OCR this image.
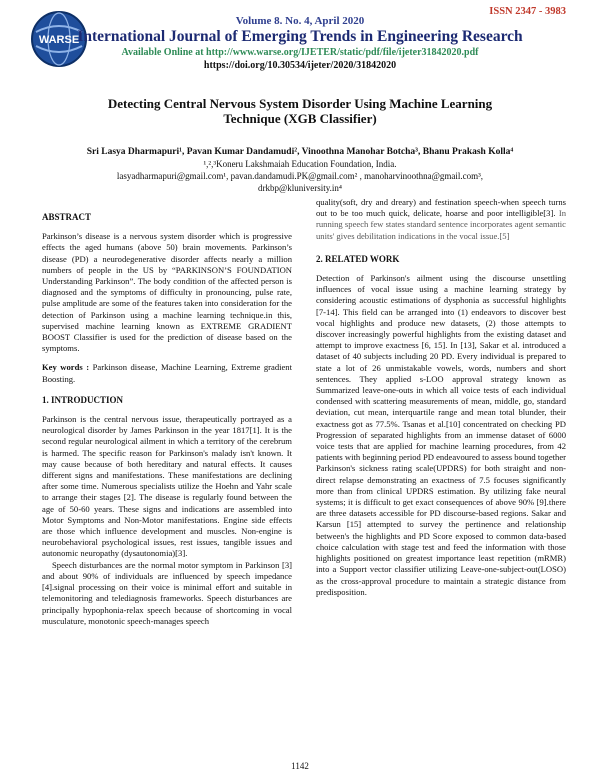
ISSN 2347 - 3983
WARSE
Volume 8. No. 4, April 2020
International Journal of Emerging Trends in Engineering Research
Available Online at http://www.warse.org/IJETER/static/pdf/file/ijeter31842020.pdf
https://doi.org/10.30534/ijeter/2020/31842020
Detecting Central Nervous System Disorder Using Machine Learning Technique (XGB Classifier)
Sri Lasya Dharmapuri¹, Pavan Kumar Dandamudi², Vinoothna Manohar Botcha³, Bhanu Prakash Kolla⁴
¹,²,³Koneru Lakshmaiah Education Foundation, India.
lasyadharmapuri@gmail.com¹, pavan.dandamudi.PK@gmail.com² , manoharvinoothna@gmail.com³, drkbp@kluniversity.in⁴

ABSTRACT

Parkinson’s disease is a nervous system disorder which is progressive effects the aged humans (above 50) brain movements. Parkinson’s disease (PD) a neurodegenerative disorder affects nearly a million numbers of people in the US by “PARKINSON’S FOUNDATION Understanding Parkinson”. The body condition of the affected person is diagnosed and the symptoms of difficulty in pronouncing, pulse rate, pulse amplitude are some of the features taken into consideration for the detection of Parkinson using a machine learning technique.in this, supervised machine learning known as EXTREME GRADIENT BOOST Classifier is used for the prediction of disease based on the symptoms.

Key words : Parkinson disease, Machine Learning, Extreme gradient Boosting.

1. INTRODUCTION

Parkinson is the central nervous issue, therapeutically portrayed as a neurological disorder by James Parkinson in the year 1817[1]. It is the second regular neurological ailment in which a territory of the cerebrum is harmed. The specific reason for Parkinson's malady isn't known. It may cause because of both hereditary and natural effects. It causes different signs and manifestations. These manifestations are declining after some time. Numerous specialists utilize the Hoehn and Yahr scale to arrange their stages [2]. The disease is regularly found between the age of 50-60 years. These signs and indications are assembled into Motor Symptoms and Non-Motor manifestations. Engine side effects are those which influence development and muscles. Non-engine is neurobehavioral psychological issues, rest issues, tangible issues and autonomic neuropathy (dysautonomia)[3].

Speech disturbances are the normal motor symptom in Parkinson [3] and about 90% of individuals are influenced by speech impedance [4].signal processing on their voice is minimal effort and suitable in telemonitoring and telediagnosis frameworks. Speech disturbances are principally hypophonia-relax speech because of shortcoming in vocal musculature, monotonic speech-manages speech

quality(soft, dry and dreary) and festination speech-when speech turns out to be too much quick, delicate, hoarse and poor intelligible[3]. In running speech few states standard sentence incorporates agent semantic units' gives debilitation indications in the vocal issue.[5]

2. RELATED WORK

Detection of Parkinson's ailment using the discourse unsettling influences of vocal issue using a machine learning strategy by considering acoustic estimations of dysphonia as successful highlights [7-14]. This field can be arranged into (1) endeavors to discover best vocal highlights and produce new datasets, (2) those attempts to discover increasingly powerful highlights from the existing dataset and attempt to improve exactness [6, 15]. In [13], Sakar et al. introduced a dataset of 40 subjects including 20 PD. Every individual is prepared to state a lot of 26 unmistakable vowels, words, numbers and short sentences. They applied s-LOO approval strategy known as Summarized leave-one-outs in which all voice tests of each individual condensed with scattering measurements of mean, middle, go, standard deviation, cut mean, interquartile range and mean total blunder, their exactness got as 77.5%. Tsanas et al.[10] concentrated on checking PD Progression of separated highlights from an immense dataset of 6000 voice tests that are applied for machine learning procedures, from 42 patients with beginning period PD endeavoured to assess bound together Parkinson's sickness rating scale(UPDRS) for both straight and non-direct relapse demonstrating an exactness of 7.5 focuses significantly more than from clinical UPDRS estimation. By utilizing fake neural systems; it is difficult to get exact consequences of above 90% [9].there are three datasets accessible for PD discourse-based regions. Sakar and Karsun [15] attempted to survey the pertinence and relationship between's the highlights and PD Score exposed to common data-based choice calculation with stage test and feed the information with those highlights positioned on greatest importance least repetition (mRMR) into a Support vector classifier utilizing Leave-one-subject-out(LOSO) as the cross-approval procedure to maintain a strategic distance from predisposition.

1142
